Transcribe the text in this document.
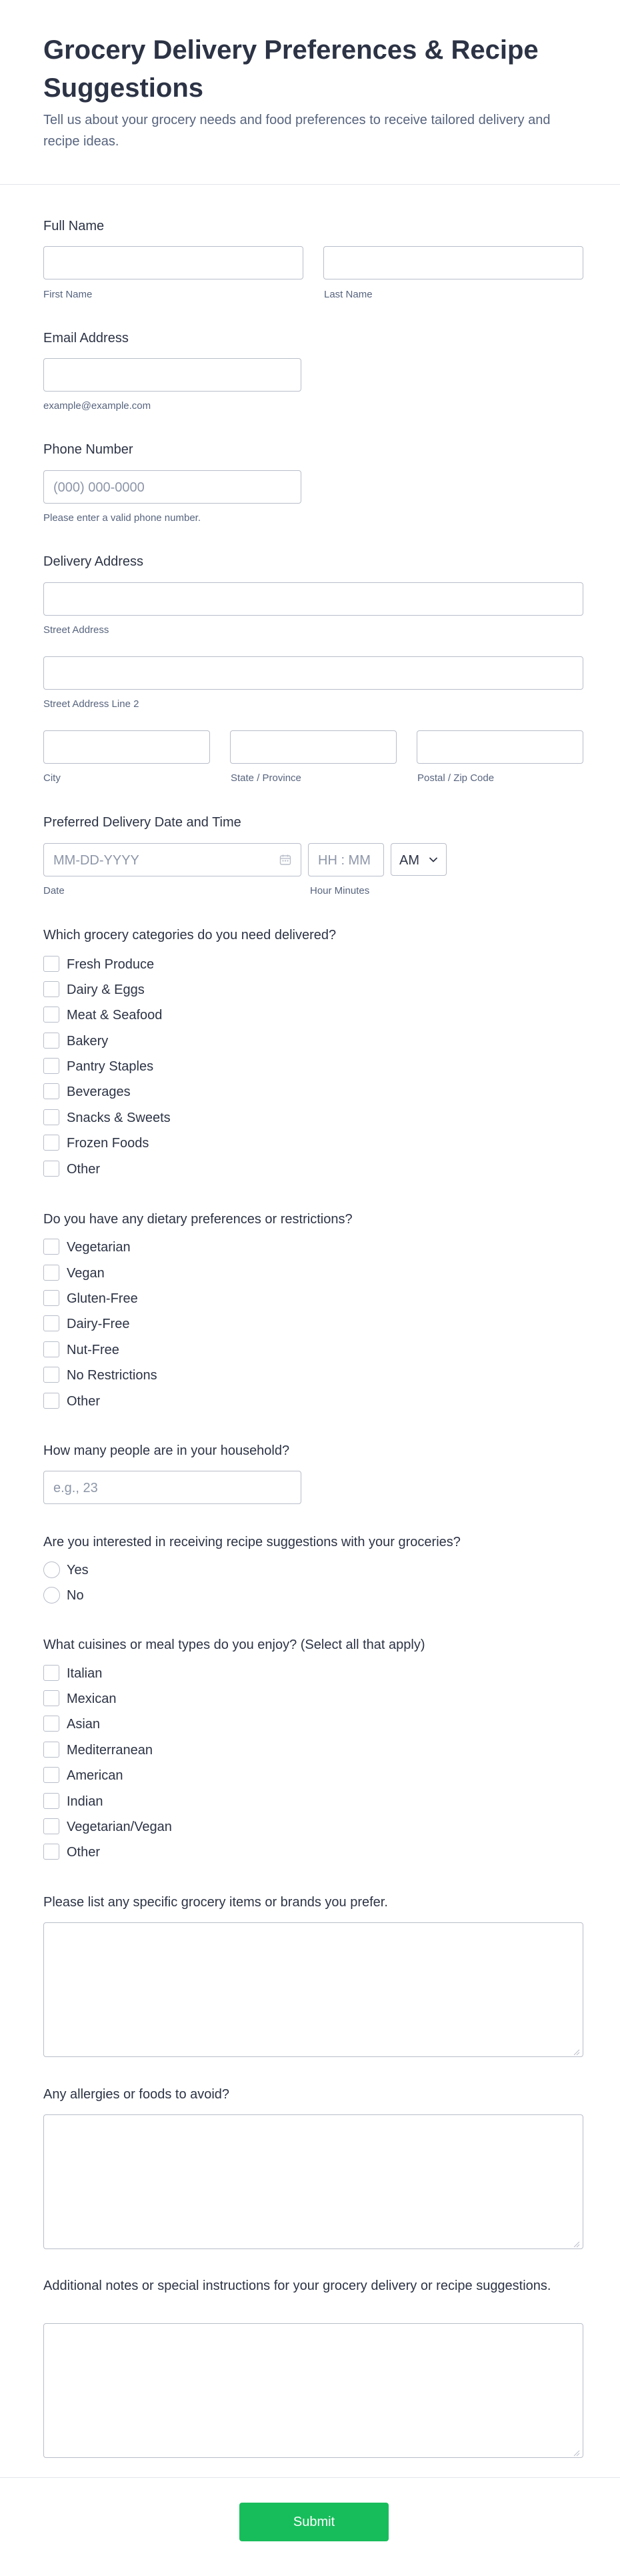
Grocery Delivery Preferences & Recipe Suggestions

Tell us about your grocery needs and food preferences to receive tailored delivery and recipe ideas.

Full Name
First Name	Last Name
Email Address
example@example.com
Phone Number
(000) 000-0000
Please enter a valid phone number.
Delivery Address
Street Address
Street Address Line 2
City	State / Province	Postal / Zip Code
Preferred Delivery Date and Time
MM-DD-YYYY	HH : MM AM
Date	Hour Minutes
Which grocery categories do you need delivered?
Fresh Produce
Dairy & Eggs
Meat & Seafood
Bakery
Pantry Staples
Beverages
Snacks & Sweets
Frozen Foods
Other
Do you have any dietary preferences or restrictions?
Vegetarian
Vegan
Gluten-Free
Dairy-Free
Nut-Free
No Restrictions
Other
How many people are in your household?
e.g., 23
Are you interested in receiving recipe suggestions with your groceries?
Yes
No
What cuisines or meal types do you enjoy? (Select all that apply)
Italian
Mexican
Asian
Mediterranean
American
Indian
Vegetarian/Vegan
Other
Please list any specific grocery items or brands you prefer.
Any allergies or foods to avoid?
Additional notes or special instructions for your grocery delivery or recipe suggestions.
Submit
